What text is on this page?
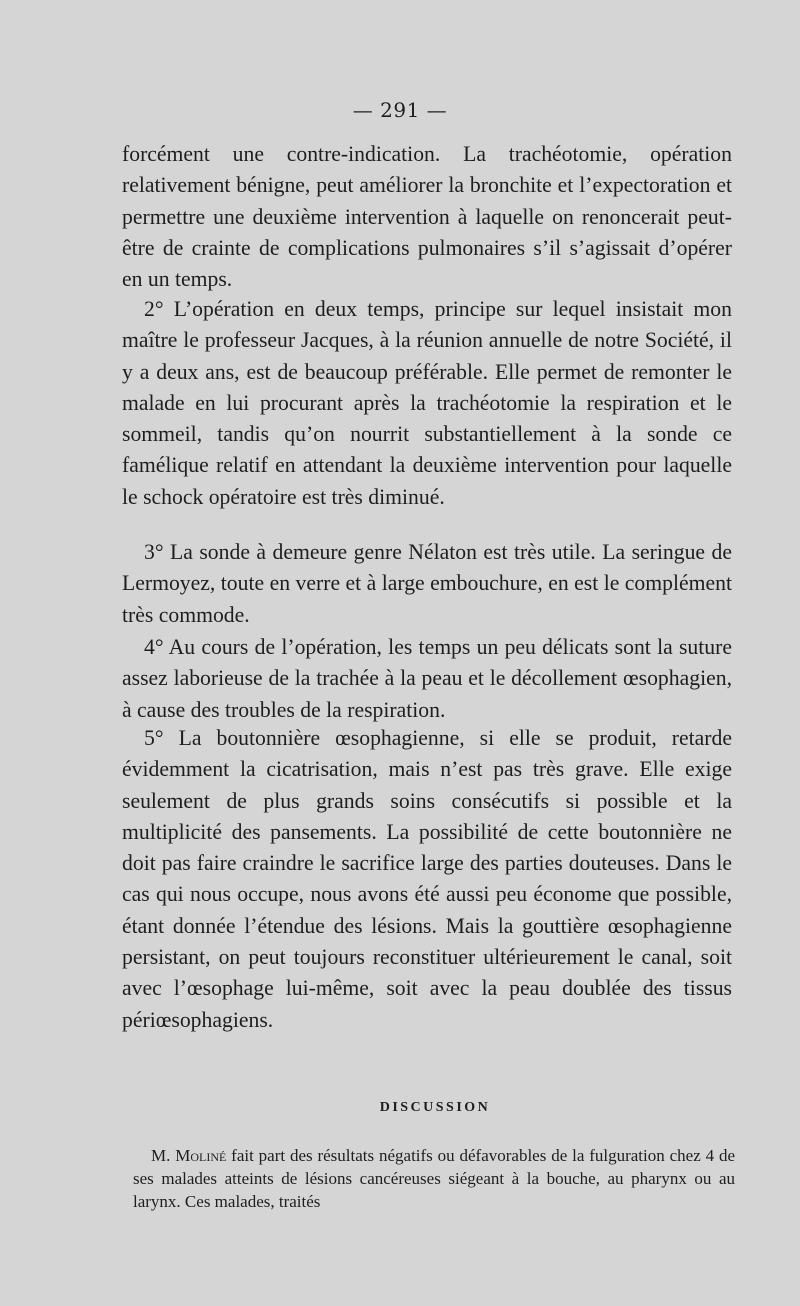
— 291 —

forcément une contre-indication. La trachéotomie, opération relativement bénigne, peut améliorer la bronchite et l’expectoration et permettre une deuxième intervention à laquelle on renoncerait peut-être de crainte de complications pulmonaires s’il s’agissait d’opérer en un temps.

2° L’opération en deux temps, principe sur lequel insistait mon maître le professeur Jacques, à la réunion annuelle de notre Société, il y a deux ans, est de beaucoup préférable. Elle permet de remonter le malade en lui procurant après la trachéotomie la respiration et le sommeil, tandis qu’on nourrit substantiellement à la sonde ce famélique relatif en attendant la deuxième intervention pour laquelle le schock opératoire est très diminué.

3° La sonde à demeure genre Nélaton est très utile. La seringue de Lermoyez, toute en verre et à large embouchure, en est le complément très commode.

4° Au cours de l’opération, les temps un peu délicats sont la suture assez laborieuse de la trachée à la peau et le décollement œsophagien, à cause des troubles de la respiration.

5° La boutonnière œsophagienne, si elle se produit, retarde évidemment la cicatrisation, mais n’est pas très grave. Elle exige seulement de plus grands soins consécutifs si possible et la multiplicité des pansements. La possibilité de cette boutonnière ne doit pas faire craindre le sacrifice large des parties douteuses. Dans le cas qui nous occupe, nous avons été aussi peu économe que possible, étant donnée l’étendue des lésions. Mais la gouttière œsophagienne persistant, on peut toujours reconstituer ultérieurement le canal, soit avec l’œsophage lui-même, soit avec la peau doublée des tissus périœsophagiens.

DISCUSSION

M. Moliné fait part des résultats négatifs ou défavorables de la fulguration chez 4 de ses malades atteints de lésions cancéreuses siégeant à la bouche, au pharynx ou au larynx. Ces malades, traités
